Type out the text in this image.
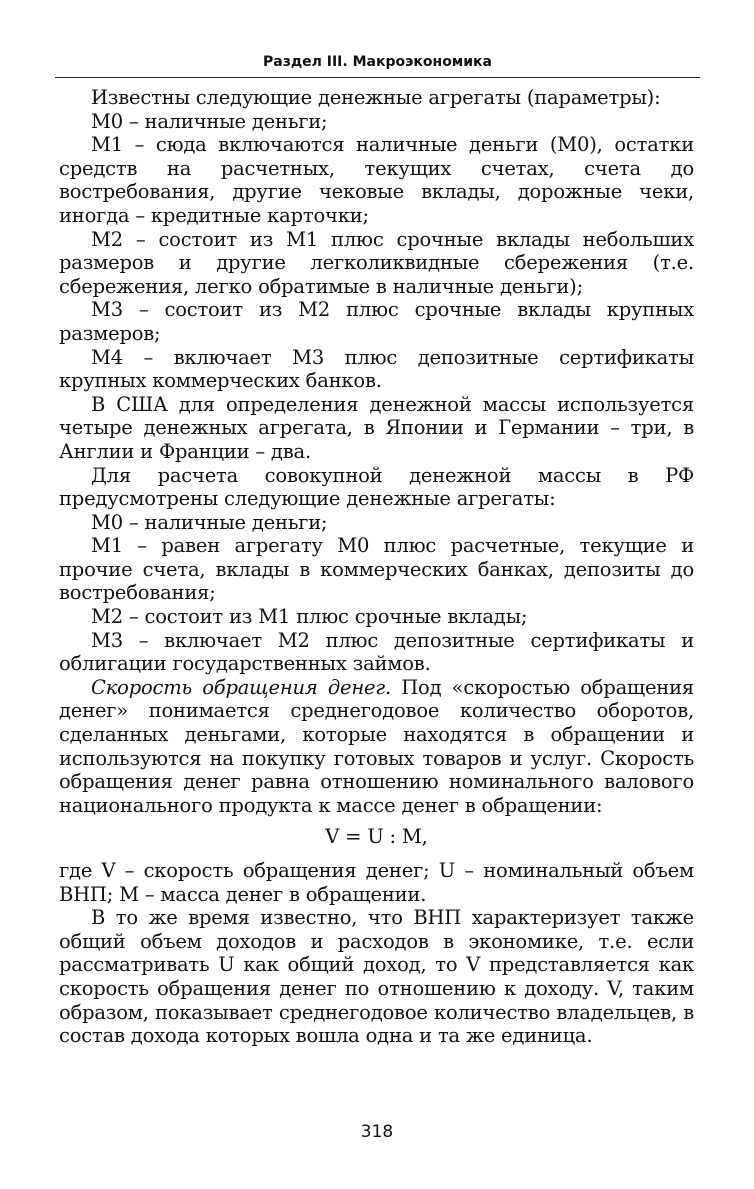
Раздел III. Макроэкономика

Известны следующие денежные агрегаты (параметры):

М0 – наличные деньги;

М1 – сюда включаются наличные деньги (М0), остатки средств на расчетных, текущих счетах, счета до востребования, другие чековые вклады, дорожные чеки, иногда – кредитные карточки;

М2 – состоит из М1 плюс срочные вклады небольших размеров и другие легколиквидные сбережения (т.е. сбережения, легко обратимые в наличные деньги);

М3 – состоит из М2 плюс срочные вклады крупных размеров;

М4 – включает М3 плюс депозитные сертификаты крупных коммерческих банков.

В США для определения денежной массы используется четыре денежных агрегата, в Японии и Германии – три, в Англии и Франции – два.

Для расчета совокупной денежной массы в РФ предусмотрены следующие денежные агрегаты:

М0 – наличные деньги;

М1 – равен агрегату М0 плюс расчетные, текущие и прочие счета, вклады в коммерческих банках, депозиты до востребования;

М2 – состоит из М1 плюс срочные вклады;

М3 – включает М2 плюс депозитные сертификаты и облигации государственных займов.

Скорость обращения денег. Под «скоростью обращения денег» понимается среднегодовое количество оборотов, сделанных деньгами, которые находятся в обращении и используются на покупку готовых товаров и услуг. Скорость обращения денег равна отношению номинального валового национального продукта к массе денег в обращении:

V = U : M,

где V – скорость обращения денег; U – номинальный объем ВНП; М – масса денег в обращении.

В то же время известно, что ВНП характеризует также общий объем доходов и расходов в экономике, т.е. если рассматривать U как общий доход, то V представляется как скорость обращения денег по отношению к доходу. V, таким образом, показывает среднегодовое количество владельцев, в состав дохода которых вошла одна и та же единица.

318
